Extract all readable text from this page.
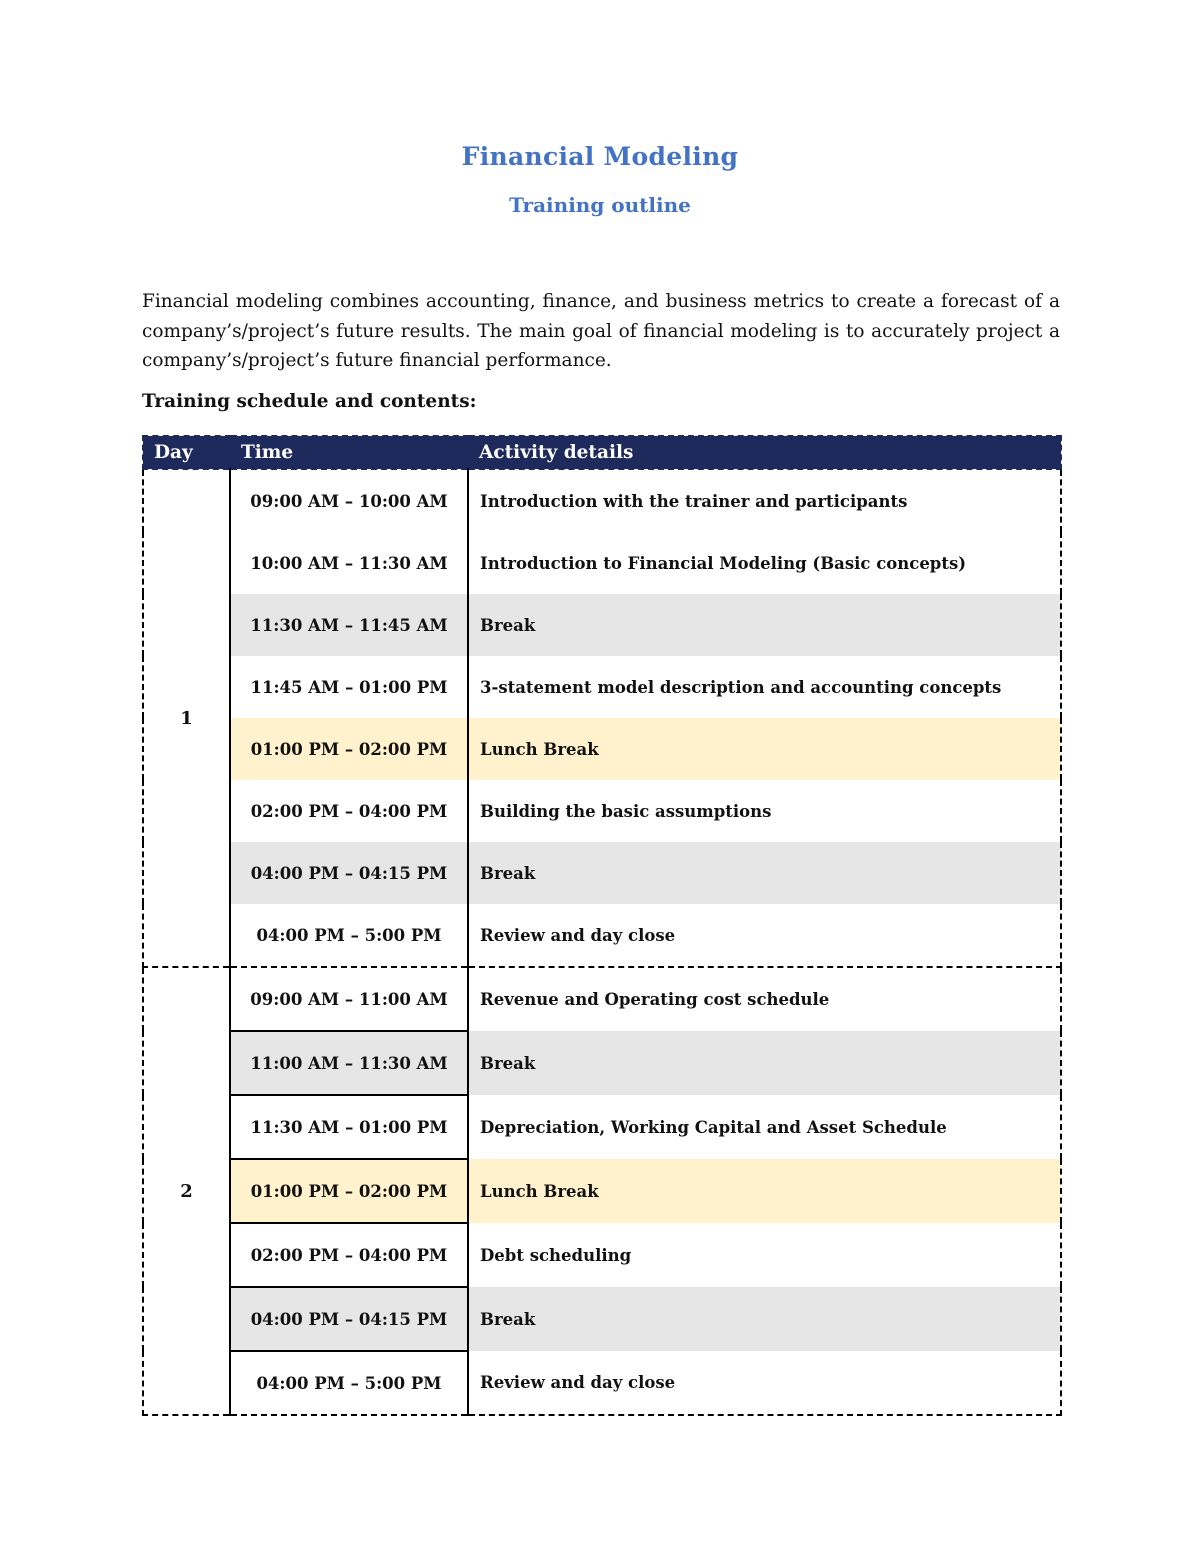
Financial Modeling
Training outline

Financial modeling combines accounting, finance, and business metrics to create a forecast of a company’s/project’s future results. The main goal of financial modeling is to accurately project a company’s/project’s future financial performance.

Training schedule and contents:
Day	Time	Activity details
1	09:00 AM – 10:00 AM	Introduction with the trainer and participants
	10:00 AM – 11:30 AM	Introduction to Financial Modeling (Basic concepts)
	11:30 AM – 11:45 AM	Break
	11:45 AM – 01:00 PM	3-statement model description and accounting concepts
	01:00 PM – 02:00 PM	Lunch Break
	02:00 PM – 04:00 PM	Building the basic assumptions
	04:00 PM – 04:15 PM	Break
	04:00 PM – 5:00 PM	Review and day close
2	09:00 AM – 11:00 AM	Revenue and Operating cost schedule
	11:00 AM – 11:30 AM	Break
	11:30 AM – 01:00 PM	Depreciation, Working Capital and Asset Schedule
	01:00 PM – 02:00 PM	Lunch Break
	02:00 PM – 04:00 PM	Debt scheduling
	04:00 PM – 04:15 PM	Break
	04:00 PM – 5:00 PM	Review and day close
